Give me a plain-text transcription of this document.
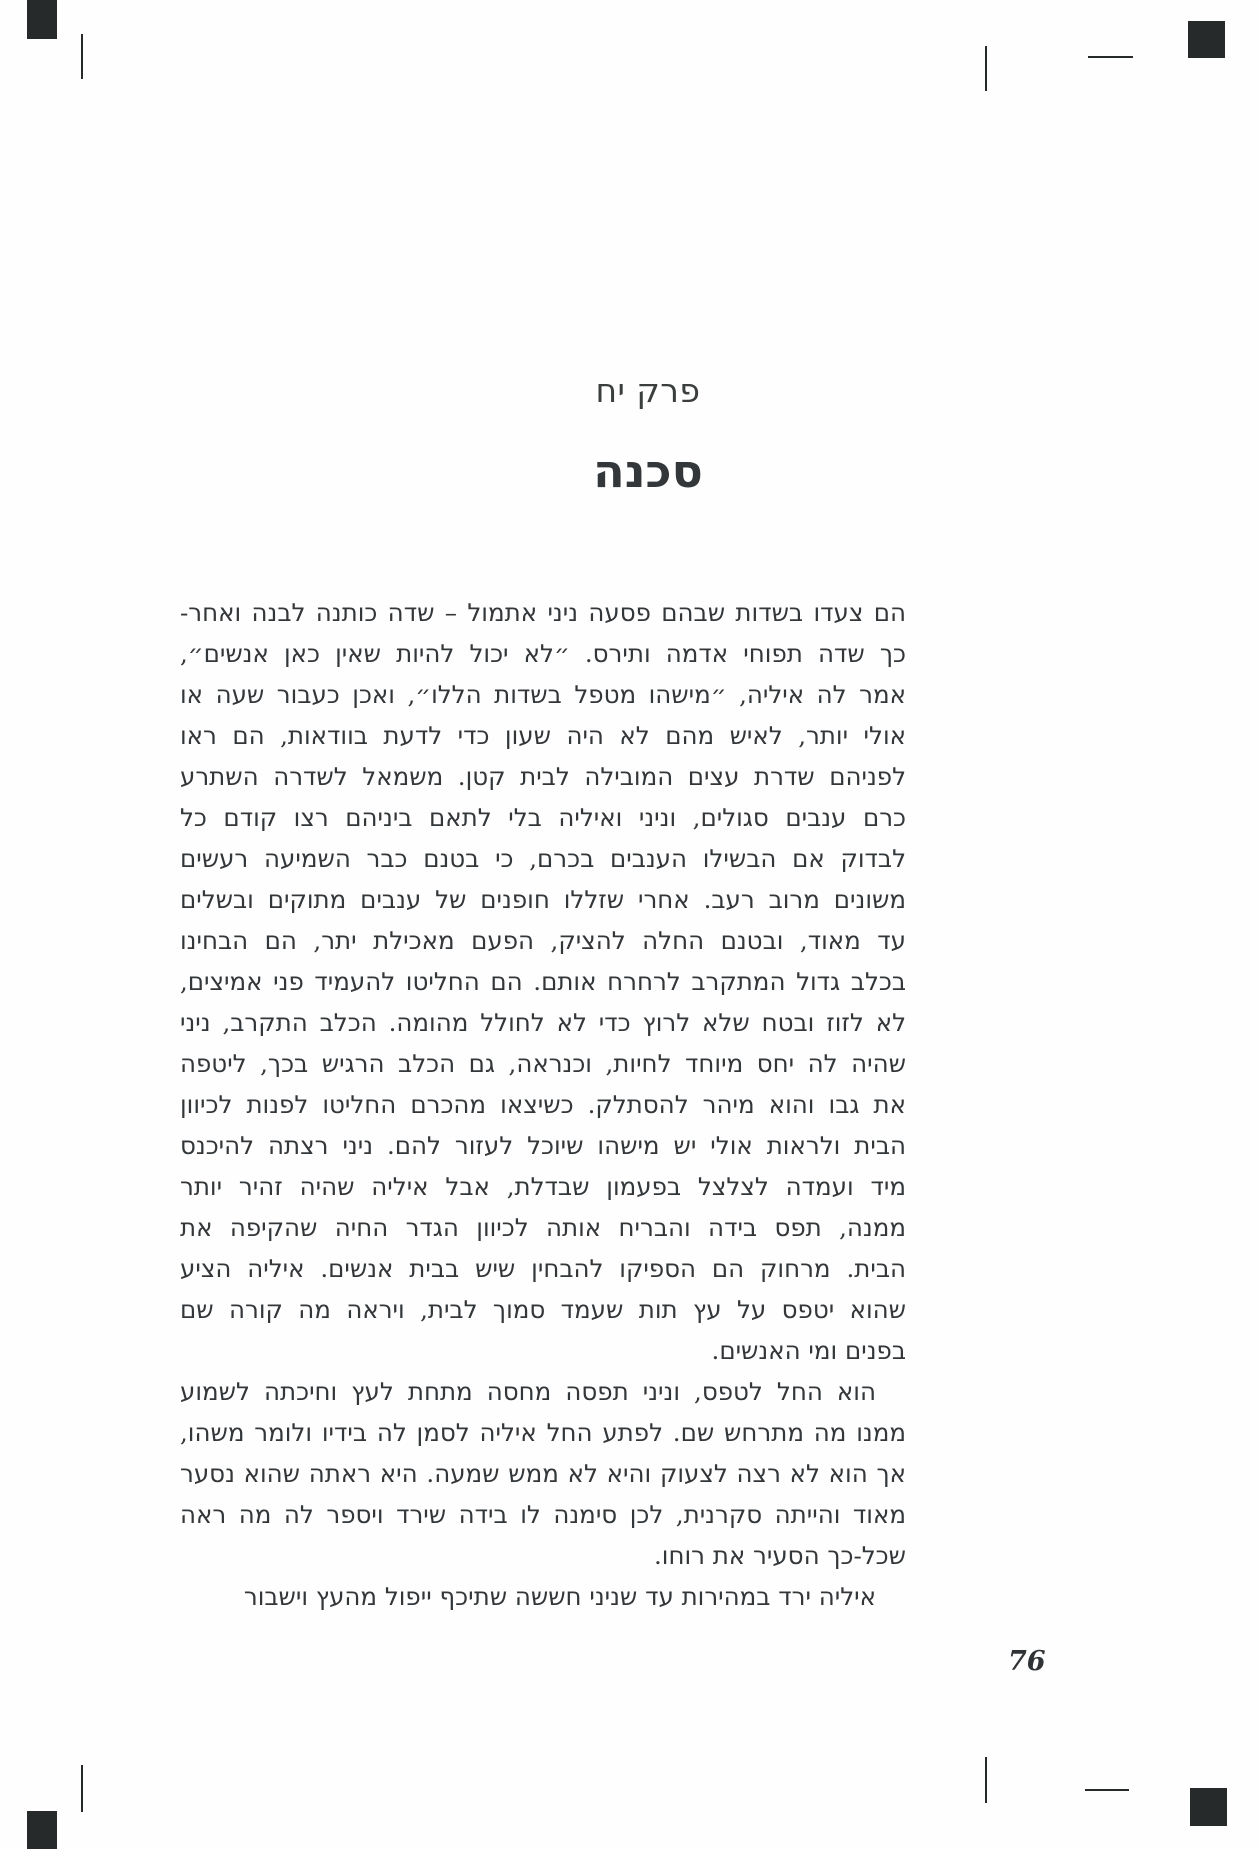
פרק יח
סכנה
הם צעדו בשדות שבהם פסעה ניני אתמול – שדה כותנה לבנה ואחר-
כך שדה תפוחי אדמה ותירס. ״לא יכול להיות שאין כאן אנשים״,
אמר לה איליה, ״מישהו מטפל בשדות הללו״, ואכן כעבור שעה או
אולי יותר, לאיש מהם לא היה שעון כדי לדעת בוודאות, הם ראו
לפניהם שדרת עצים המובילה לבית קטן. משמאל לשדרה השתרע
כרם ענבים סגולים, וניני ואיליה בלי לתאם ביניהם רצו קודם כל
לבדוק אם הבשילו הענבים בכרם, כי בטנם כבר השמיעה רעשים
משונים מרוב רעב. אחרי שזללו חופנים של ענבים מתוקים ובשלים
עד מאוד, ובטנם החלה להציק, הפעם מאכילת יתר, הם הבחינו
בכלב גדול המתקרב לרחרח אותם. הם החליטו להעמיד פני אמיצים,
לא לזוז ובטח שלא לרוץ כדי לא לחולל מהומה. הכלב התקרב, ניני
שהיה לה יחס מיוחד לחיות, וכנראה, גם הכלב הרגיש בכך, ליטפה
את גבו והוא מיהר להסתלק. כשיצאו מהכרם החליטו לפנות לכיוון
הבית ולראות אולי יש מישהו שיוכל לעזור להם. ניני רצתה להיכנס
מיד ועמדה לצלצל בפעמון שבדלת, אבל איליה שהיה זהיר יותר
ממנה, תפס בידה והבריח אותה לכיוון הגדר החיה שהקיפה את
הבית. מרחוק הם הספיקו להבחין שיש בבית אנשים. איליה הציע
שהוא יטפס על עץ תות שעמד סמוך לבית, ויראה מה קורה שם
בפנים ומי האנשים.
הוא החל לטפס, וניני תפסה מחסה מתחת לעץ וחיכתה לשמוע
ממנו מה מתרחש שם. לפתע החל איליה לסמן לה בידיו ולומר משהו,
אך הוא לא רצה לצעוק והיא לא ממש שמעה. היא ראתה שהוא נסער
מאוד והייתה סקרנית, לכן סימנה לו בידה שירד ויספר לה מה ראה
שכל-כך הסעיר את רוחו.
איליה ירד במהירות עד שניני חששה שתיכף ייפול מהעץ וישבור
76
